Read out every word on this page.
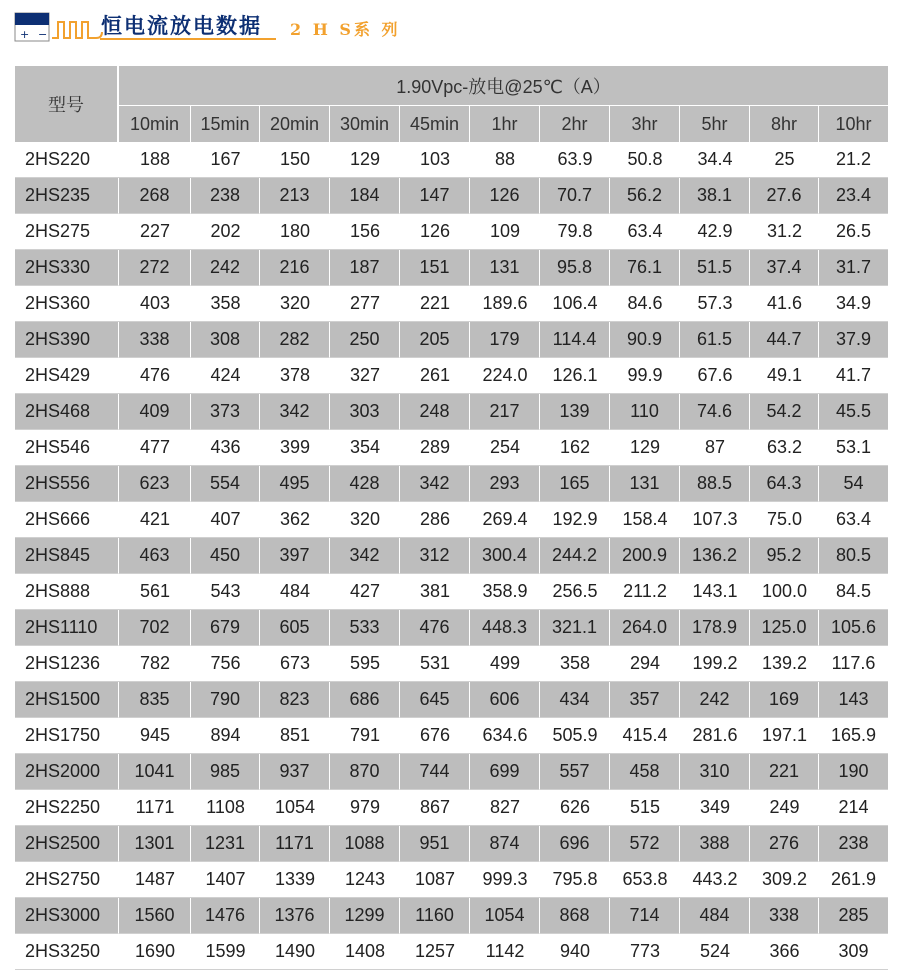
+ −	恒电流放电数据 2 H S系 列
型号	1.90Vpc-放电@25℃（A）										
	10min	15min	20min	30min	45min	1hr	2hr	3hr	5hr	8hr	10hr
2HS220	188	167	150	129	103	88	63.9	50.8	34.4	25	21.2
2HS235	268	238	213	184	147	126	70.7	56.2	38.1	27.6	23.4
2HS275	227	202	180	156	126	109	79.8	63.4	42.9	31.2	26.5
2HS330	272	242	216	187	151	131	95.8	76.1	51.5	37.4	31.7
2HS360	403	358	320	277	221	189.6	106.4	84.6	57.3	41.6	34.9
2HS390	338	308	282	250	205	179	114.4	90.9	61.5	44.7	37.9
2HS429	476	424	378	327	261	224.0	126.1	99.9	67.6	49.1	41.7
2HS468	409	373	342	303	248	217	139	110	74.6	54.2	45.5
2HS546	477	436	399	354	289	254	162	129	87	63.2	53.1
2HS556	623	554	495	428	342	293	165	131	88.5	64.3	54
2HS666	421	407	362	320	286	269.4	192.9	158.4	107.3	75.0	63.4
2HS845	463	450	397	342	312	300.4	244.2	200.9	136.2	95.2	80.5
2HS888	561	543	484	427	381	358.9	256.5	211.2	143.1	100.0	84.5
2HS1110	702	679	605	533	476	448.3	321.1	264.0	178.9	125.0	105.6
2HS1236	782	756	673	595	531	499	358	294	199.2	139.2	117.6
2HS1500	835	790	823	686	645	606	434	357	242	169	143
2HS1750	945	894	851	791	676	634.6	505.9	415.4	281.6	197.1	165.9
2HS2000	1041	985	937	870	744	699	557	458	310	221	190
2HS2250	1171	1108	1054	979	867	827	626	515	349	249	214
2HS2500	1301	1231	1171	1088	951	874	696	572	388	276	238
2HS2750	1487	1407	1339	1243	1087	999.3	795.8	653.8	443.2	309.2	261.9
2HS3000	1560	1476	1376	1299	1160	1054	868	714	484	338	285
2HS3250	1690	1599	1490	1408	1257	1142	940	773	524	366	309
